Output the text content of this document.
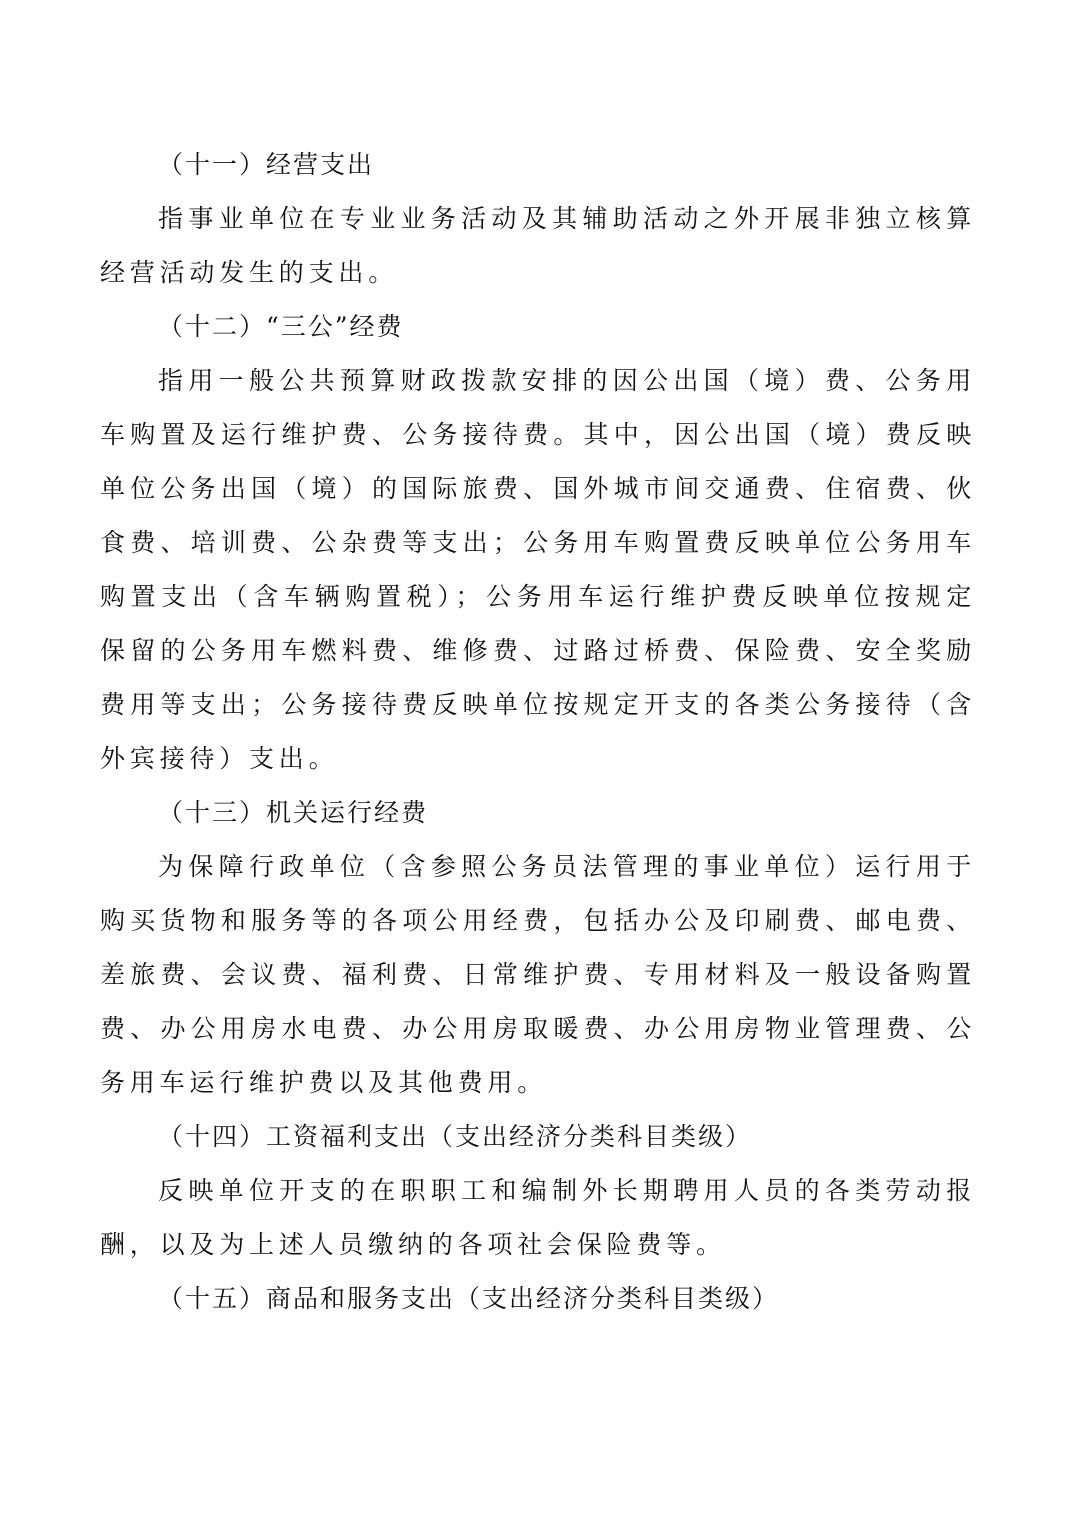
（十一）经营支出

指事业单位在专业业务活动及其辅助活动之外开展非独立核算经营活动发生的支出。

（十二）“三公”经费

指用一般公共预算财政拨款安排的因公出国（境）费、公务用车购置及运行维护费、公务接待费。其中，因公出国（境）费反映单位公务出国（境）的国际旅费、国外城市间交通费、住宿费、伙食费、培训费、公杂费等支出；公务用车购置费反映单位公务用车购置支出（含车辆购置税）；公务用车运行维护费反映单位按规定保留的公务用车燃料费、维修费、过路过桥费、保险费、安全奖励费用等支出；公务接待费反映单位按规定开支的各类公务接待（含外宾接待）支出。

（十三）机关运行经费

为保障行政单位（含参照公务员法管理的事业单位）运行用于购买货物和服务等的各项公用经费，包括办公及印刷费、邮电费、差旅费、会议费、福利费、日常维护费、专用材料及一般设备购置费、办公用房水电费、办公用房取暖费、办公用房物业管理费、公务用车运行维护费以及其他费用。

（十四）工资福利支出（支出经济分类科目类级）

反映单位开支的在职职工和编制外长期聘用人员的各类劳动报酬，以及为上述人员缴纳的各项社会保险费等。

（十五）商品和服务支出（支出经济分类科目类级）
